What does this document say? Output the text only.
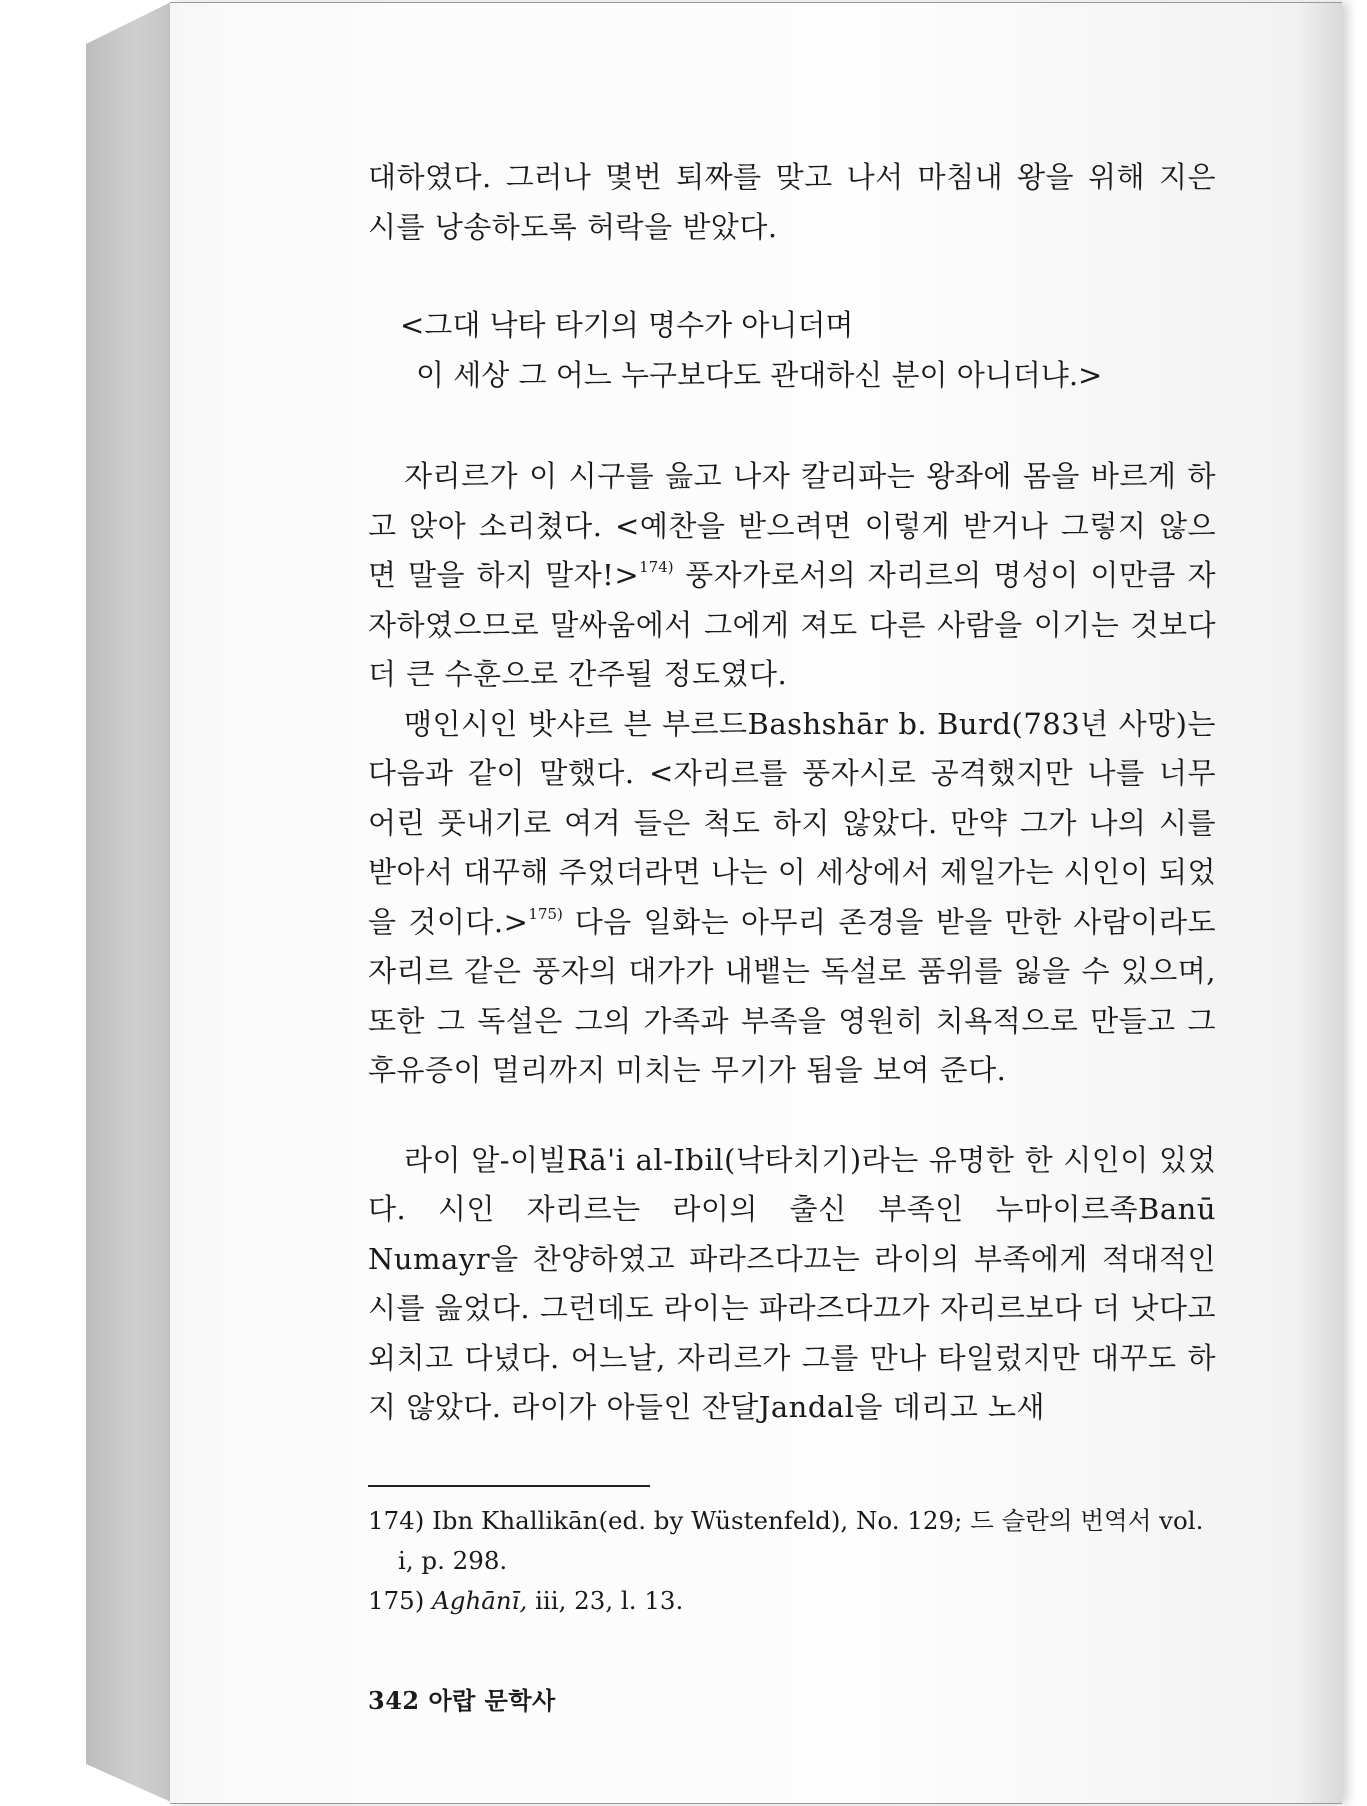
대하였다. 그러나 몇번 퇴짜를 맞고 나서 마침내 왕을 위해 지은 시를 낭송하도록 허락을 받았다.

<그대 낙타 타기의 명수가 아니더며
이 세상 그 어느 누구보다도 관대하신 분이 아니더냐.>

자리르가 이 시구를 읊고 나자 칼리파는 왕좌에 몸을 바르게 하고 앉아 소리쳤다. <예찬을 받으려면 이렇게 받거나 그렇지 않으면 말을 하지 말자!>$^{174)}$ 풍자가로서의 자리르의 명성이 이만큼 자자하였으므로 말싸움에서 그에게 져도 다른 사람을 이기는 것보다 더 큰 수훈으로 간주될 정도였다.

맹인시인 밧샤르 븐 부르드Bashshār b. Burd(783년 사망)는 다음과 같이 말했다. <자리르를 풍자시로 공격했지만 나를 너무 어린 풋내기로 여겨 들은 척도 하지 않았다. 만약 그가 나의 시를 받아서 대꾸해 주었더라면 나는 이 세상에서 제일가는 시인이 되었을 것이다.>$^{175)}$ 다음 일화는 아무리 존경을 받을 만한 사람이라도 자리르 같은 풍자의 대가가 내뱉는 독설로 품위를 잃을 수 있으며, 또한 그 독설은 그의 가족과 부족을 영원히 치욕적으로 만들고 그 후유증이 멀리까지 미치는 무기가 됨을 보여 준다.

라이 알-이빌Rā'i al-Ibil(낙타치기)라는 유명한 한 시인이 있었다. 시인 자리르는 라이의 출신 부족인 누마이르족Banū Numayr을 찬양하였고 파라즈다끄는 라이의 부족에게 적대적인 시를 읊었다. 그런데도 라이는 파라즈다끄가 자리르보다 더 낫다고 외치고 다녔다. 어느날, 자리르가 그를 만나 타일렀지만 대꾸도 하지 않았다. 라이가 아들인 잔달Jandal을 데리고 노새

174) Ibn Khallikān(ed. by Wüstenfeld), No. 129; 드 슬란의 번역서 vol. i, p. 298.
175) Aghānī, iii, 23, l. 13.
342 아랍 문학사
